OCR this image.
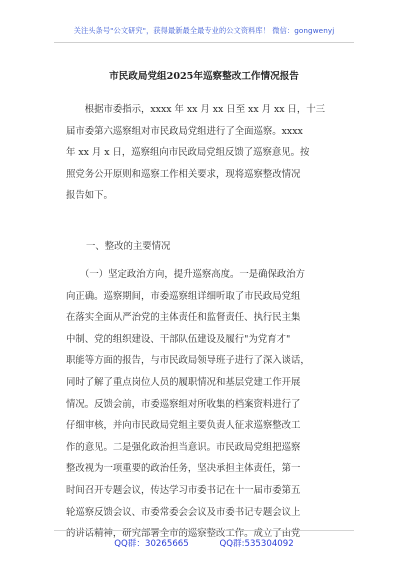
关注头条号"公文研究"，获得最新最全最专业的公文资料库！ 微信：gongwenyj
市民政局党组2025年巡察整改工作情况报告
　　根据市委指示，xxxx 年 xx 月 xx 日至 xx 月 xx 日，十三
届市委第六巡察组对市民政局党组进行了全面巡察。xxxx
年 xx 月 x 日，巡察组向市民政局党组反馈了巡察意见。按
照党务公开原则和巡察工作相关要求，现将巡察整改情况
报告如下。
一、整改的主要情况
　　（一）坚定政治方向，提升巡察高度。一是确保政治方
向正确。巡察期间，市委巡察组详细听取了市民政局党组
在落实全面从严治党的主体责任和监督责任、执行民主集
中制、党的组织建设、干部队伍建设及履行"为党育才"
职能等方面的报告，与市民政局领导班子进行了深入谈话，
同时了解了重点岗位人员的履职情况和基层党建工作开展
情况。反馈会前，市委巡察组对所收集的档案资料进行了
仔细审核，并向市民政局党组主要负责人征求巡察整改工
作的意见。二是强化政治担当意识。市民政局党组把巡察
整改视为一项重要的政治任务，坚决承担主体责任，第一
时间召开专题会议，传达学习市委书记在十一届市委第五
轮巡察反馈会议、市委常委会会议及市委书记专题会议上
的讲话精神，研究部署全市的巡察整改工作。成立了由党
QQ群：30265665	QQ群:535304092
